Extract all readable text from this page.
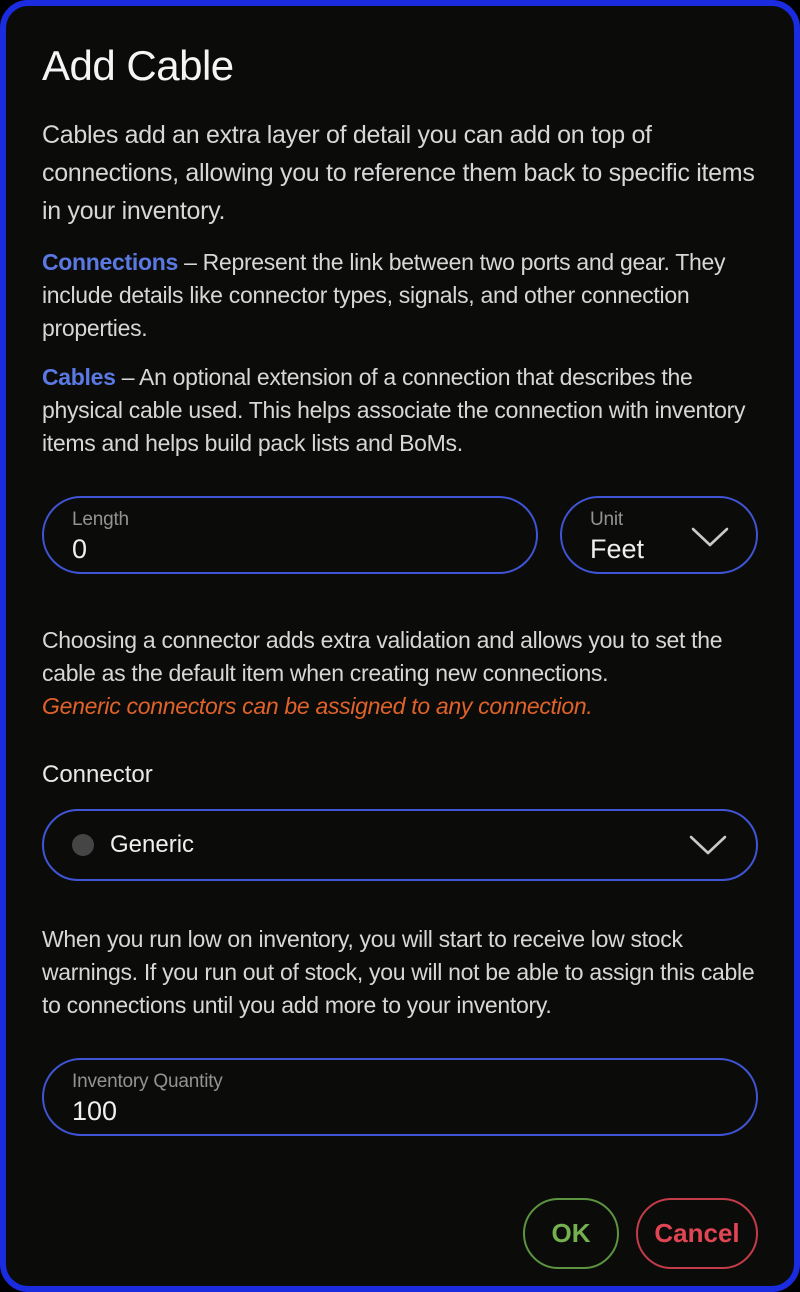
Add Cable

Cables add an extra layer of detail you can add on top of connections, allowing you to reference them back to specific items in your inventory.

Connections – Represent the link between two ports and gear. They include details like connector types, signals, and other connection properties.

Cables – An optional extension of a connection that describes the physical cable used. This helps associate the connection with inventory items and helps build pack lists and BoMs.

Length
0	Unit
Feet

Choosing a connector adds extra validation and allows you to set the cable as the default item when creating new connections.
Generic connectors can be assigned to any connection.

Connector

Generic

When you run low on inventory, you will start to receive low stock warnings. If you run out of stock, you will not be able to assign this cable to connections until you add more to your inventory.

Inventory Quantity
100
OK	Cancel
